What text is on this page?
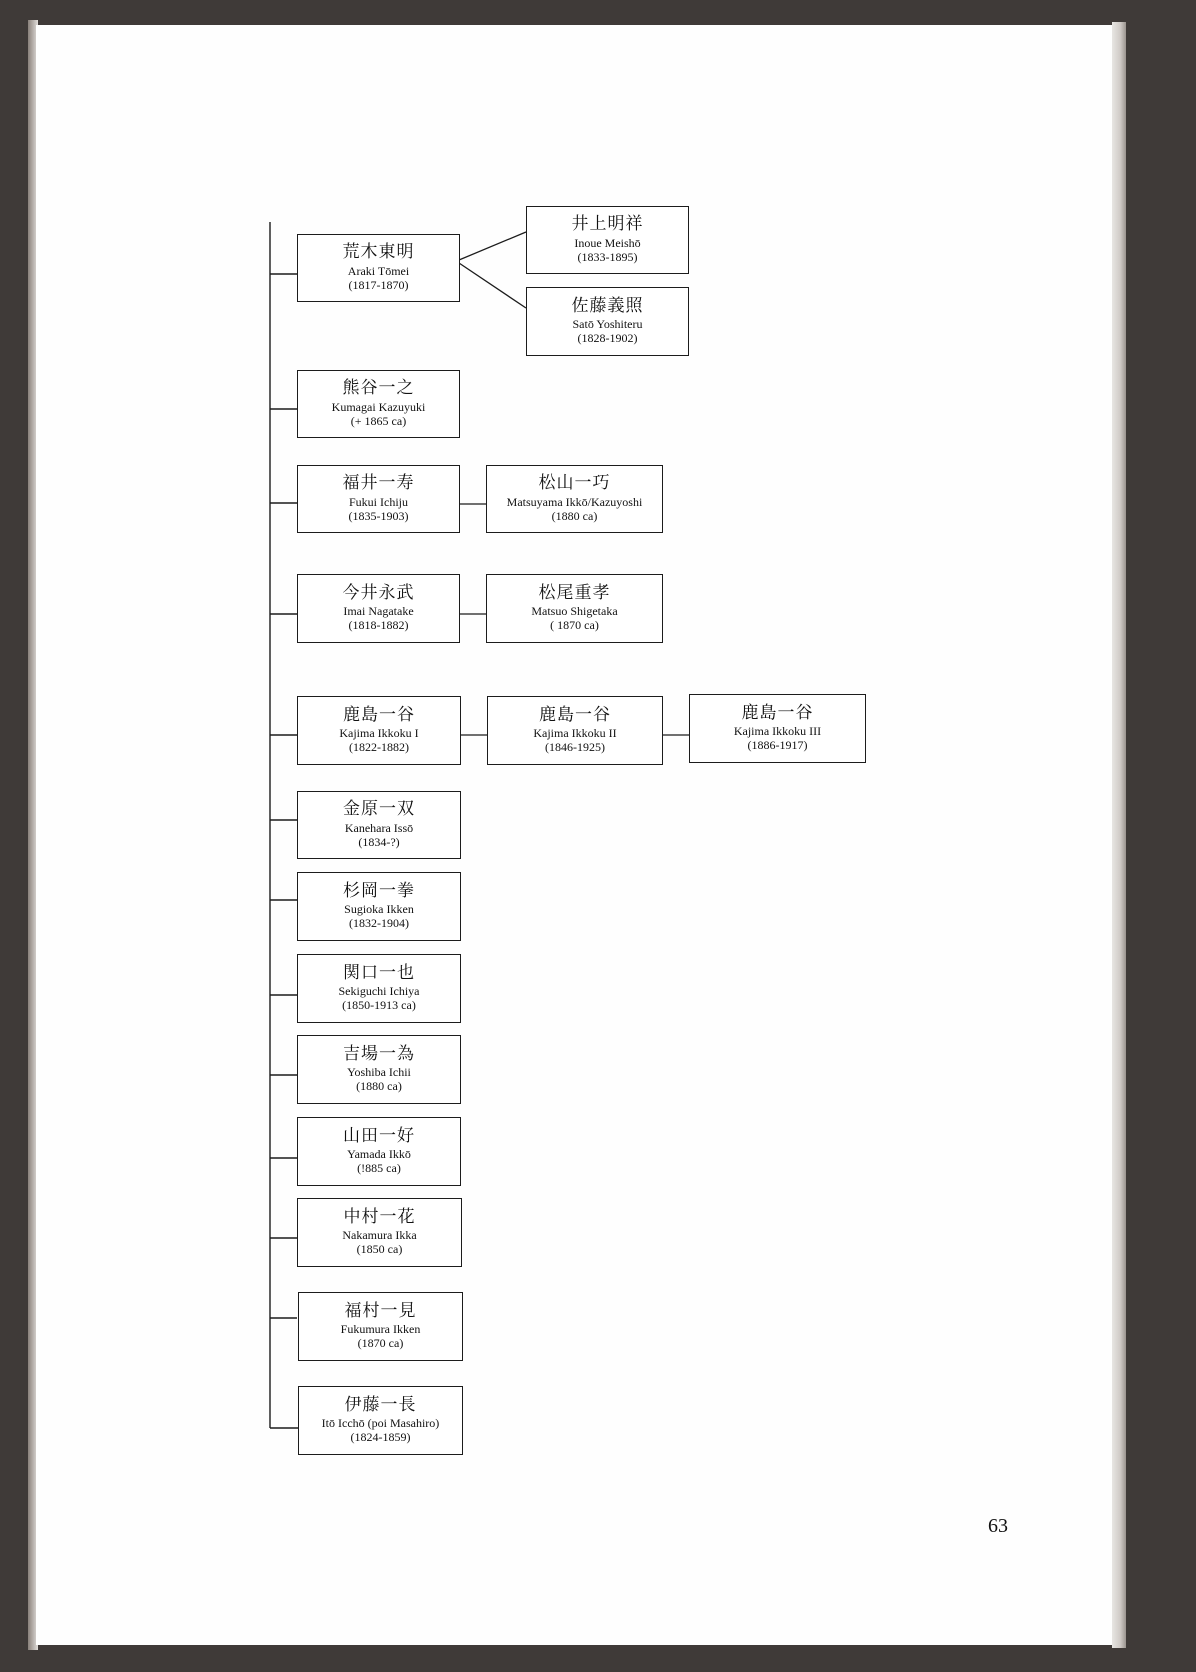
荒木東明
Araki Tōmei
(1817-1870)
井上明祥
Inoue Meishō
(1833-1895)
佐藤義照
Satō Yoshiteru
(1828-1902)
熊谷一之
Kumagai Kazuyuki
(+ 1865 ca)
福井一寿
Fukui Ichiju
(1835-1903)
松山一巧
Matsuyama Ikkō/Kazuyoshi
(1880 ca)
今井永武
Imai Nagatake
(1818-1882)
松尾重孝
Matsuo Shigetaka
( 1870 ca)
鹿島一谷
Kajima Ikkoku I
(1822-1882)
鹿島一谷
Kajima Ikkoku II
(1846-1925)
鹿島一谷
Kajima Ikkoku III
(1886-1917)
金原一双
Kanehara Issō
(1834-?)
杉岡一拳
Sugioka Ikken
(1832-1904)
関口一也
Sekiguchi Ichiya
(1850-1913 ca)
吉場一為
Yoshiba Ichii
(1880 ca)
山田一好
Yamada Ikkō
(!885 ca)
中村一花
Nakamura Ikka
(1850 ca)
福村一見
Fukumura Ikken
(1870 ca)
伊藤一長
Itō Icchō (poi Masahiro)
(1824-1859)
63
